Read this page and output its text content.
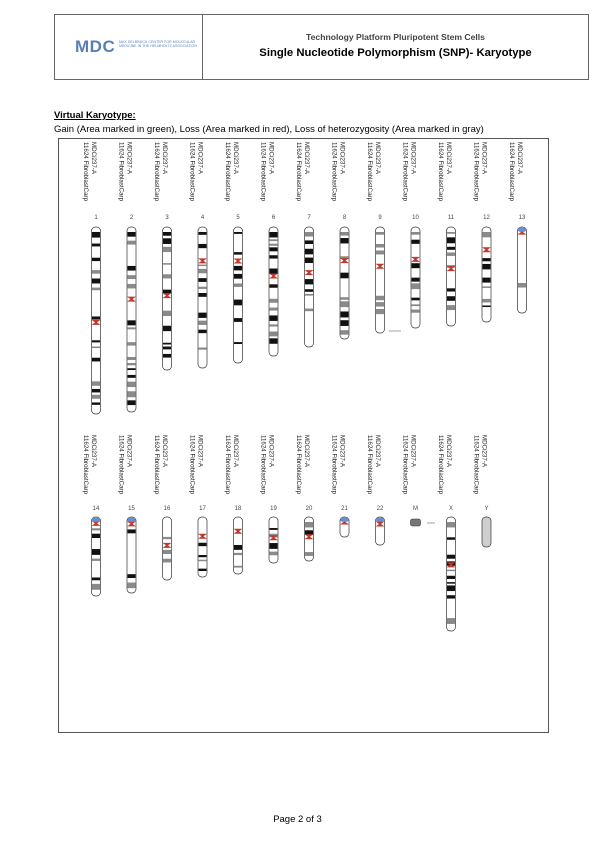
MDC MAX DELBRÜCK CENTER FOR MOLECULAR MEDICINE IN THE HELMHOLTZ ASSOCIATION
Technology Platform Pluripotent Stem Cells
Single Nucleotide Polymorphism (SNP)- Karyotype
Virtual Karyotype:
Gain (Area marked in green), Loss (Area marked in red), Loss of heterozygosity (Area marked in gray)
MDCi237-A
11624 FibroblastCarp
1
MDCi237-A
11624 FibroblastCarp
2
MDCi237-A
11624 FibroblastCarp
3
MDCi237-A
11624 FibroblastCarp
4
MDCi237-A
11624 FibroblastCarp
5
MDCi237-A
11624 FibroblastCarp
6
MDCi237-A
11624 FibroblastCarp
7
MDCi237-A
11624 FibroblastCarp
8
MDCi237-A
11624 FibroblastCarp
9
MDCi237-A
11624 FibroblastCarp
10
MDCi237-A
11624 FibroblastCarp
11
MDCi237-A
11624 FibroblastCarp
12
MDCi237-A
11624 FibroblastCarp
13
MDCi237-A
11624 FibroblastCarp
14
MDCi237-A
11624 FibroblastCarp
15
MDCi237-A
11624 FibroblastCarp
16
MDCi237-A
11624 FibroblastCarp
17
MDCi237-A
11624 FibroblastCarp
18
MDCi237-A
11624 FibroblastCarp
19
MDCi237-A
11624 FibroblastCarp
20
MDCi237-A
11624 FibroblastCarp
21
MDCi237-A
11624 FibroblastCarp
22
MDCi237-A
11624 FibroblastCarp
M
MDCi237-A
11624 FibroblastCarp
X
MDCi237-A
11624 FibroblastCarp
Y
Page 2 of 3
